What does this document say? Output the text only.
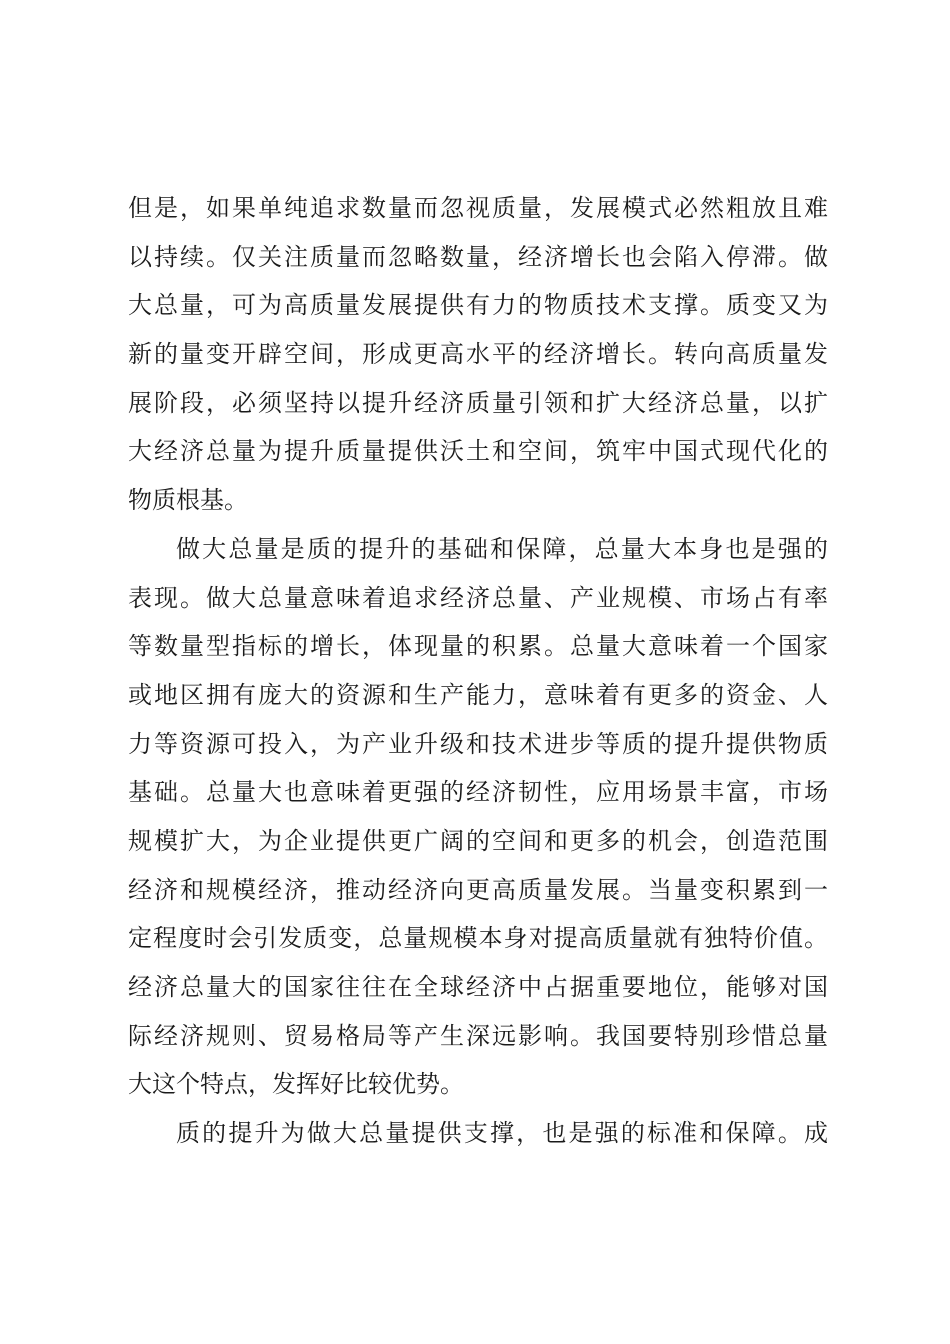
但是，如果单纯追求数量而忽视质量，发展模式必然粗放且难
以持续。仅关注质量而忽略数量，经济增长也会陷入停滞。做
大总量，可为高质量发展提供有力的物质技术支撑。质变又为
新的量变开辟空间，形成更高水平的经济增长。转向高质量发
展阶段，必须坚持以提升经济质量引领和扩大经济总量，以扩
大经济总量为提升质量提供沃土和空间，筑牢中国式现代化的
物质根基。
做大总量是质的提升的基础和保障，总量大本身也是强的
表现。做大总量意味着追求经济总量、产业规模、市场占有率
等数量型指标的增长，体现量的积累。总量大意味着一个国家
或地区拥有庞大的资源和生产能力，意味着有更多的资金、人
力等资源可投入，为产业升级和技术进步等质的提升提供物质
基础。总量大也意味着更强的经济韧性，应用场景丰富，市场
规模扩大，为企业提供更广阔的空间和更多的机会，创造范围
经济和规模经济，推动经济向更高质量发展。当量变积累到一
定程度时会引发质变，总量规模本身对提高质量就有独特价值。
经济总量大的国家往往在全球经济中占据重要地位，能够对国
际经济规则、贸易格局等产生深远影响。我国要特别珍惜总量
大这个特点，发挥好比较优势。
质的提升为做大总量提供支撑，也是强的标准和保障。成
